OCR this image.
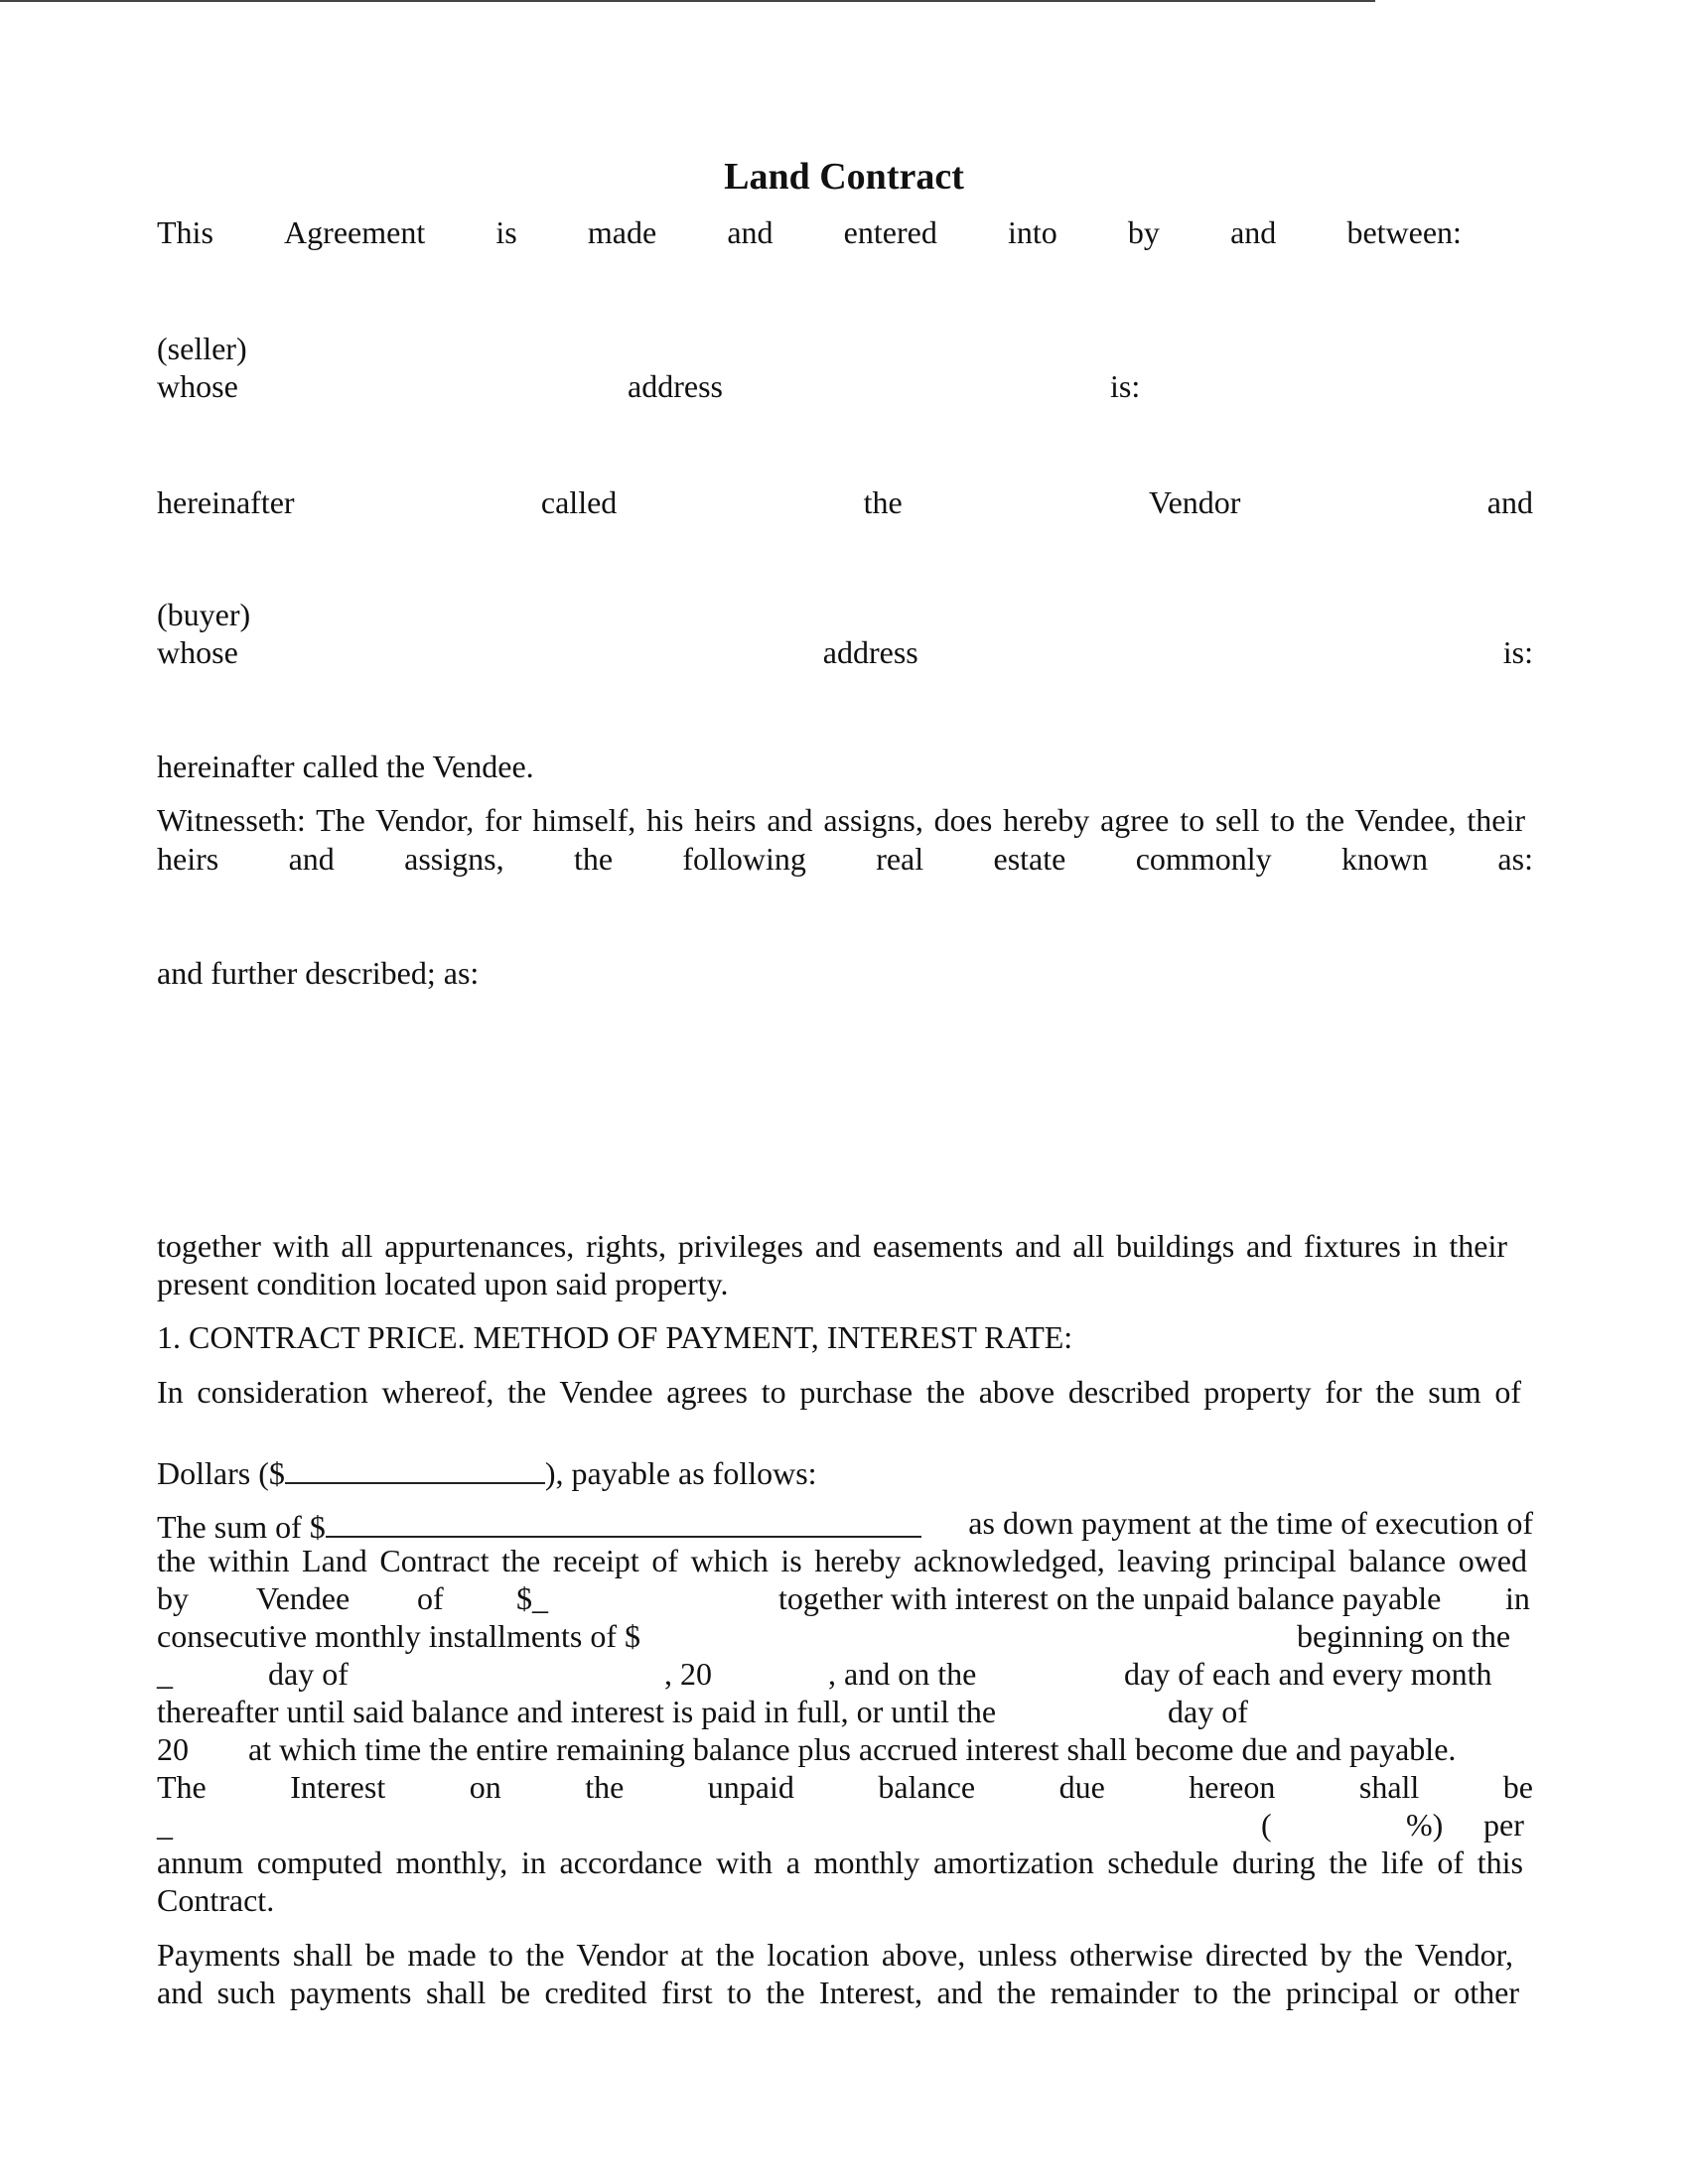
Land Contract
This Agreement is made and entered into by and between:
(seller)
whose	address	is:
hereinafter	called	the	Vendor	and
(buyer)
whose	address	is:
hereinafter called the Vendee.
Witnesseth: The Vendor, for himself, his heirs and assigns, does hereby agree to sell to the Vendee, their
heirs and assigns, the following real estate commonly known as:
and further described; as:
together with all appurtenances, rights, privileges and easements and all buildings and fixtures in their
present condition located upon said property.
1. CONTRACT PRICE. METHOD OF PAYMENT, INTEREST RATE:
In consideration whereof, the Vendee agrees to purchase the above described property for the sum of
Dollars ($	), payable as follows:
The sum of $	as down payment at the time of execution of
the within Land Contract the receipt of which is hereby acknowledged, leaving principal balance owed
by Vendee of $_	together with interest on the unpaid balance payable in
consecutive monthly installments of $	beginning on the
_	day of	, 20	, and on the	day of each and every month
thereafter until said balance and interest is paid in full, or until the	day of
20 at which time the entire remaining balance plus accrued interest shall become due and payable.
The	Interest	on	the	unpaid	balance	due	hereon	shall	be
_	(	%) per
annum computed monthly, in accordance with a monthly amortization schedule during the life of this
Contract.
Payments shall be made to the Vendor at the location above, unless otherwise directed by the Vendor,
and such payments shall be credited first to the Interest, and the remainder to the principal or other
